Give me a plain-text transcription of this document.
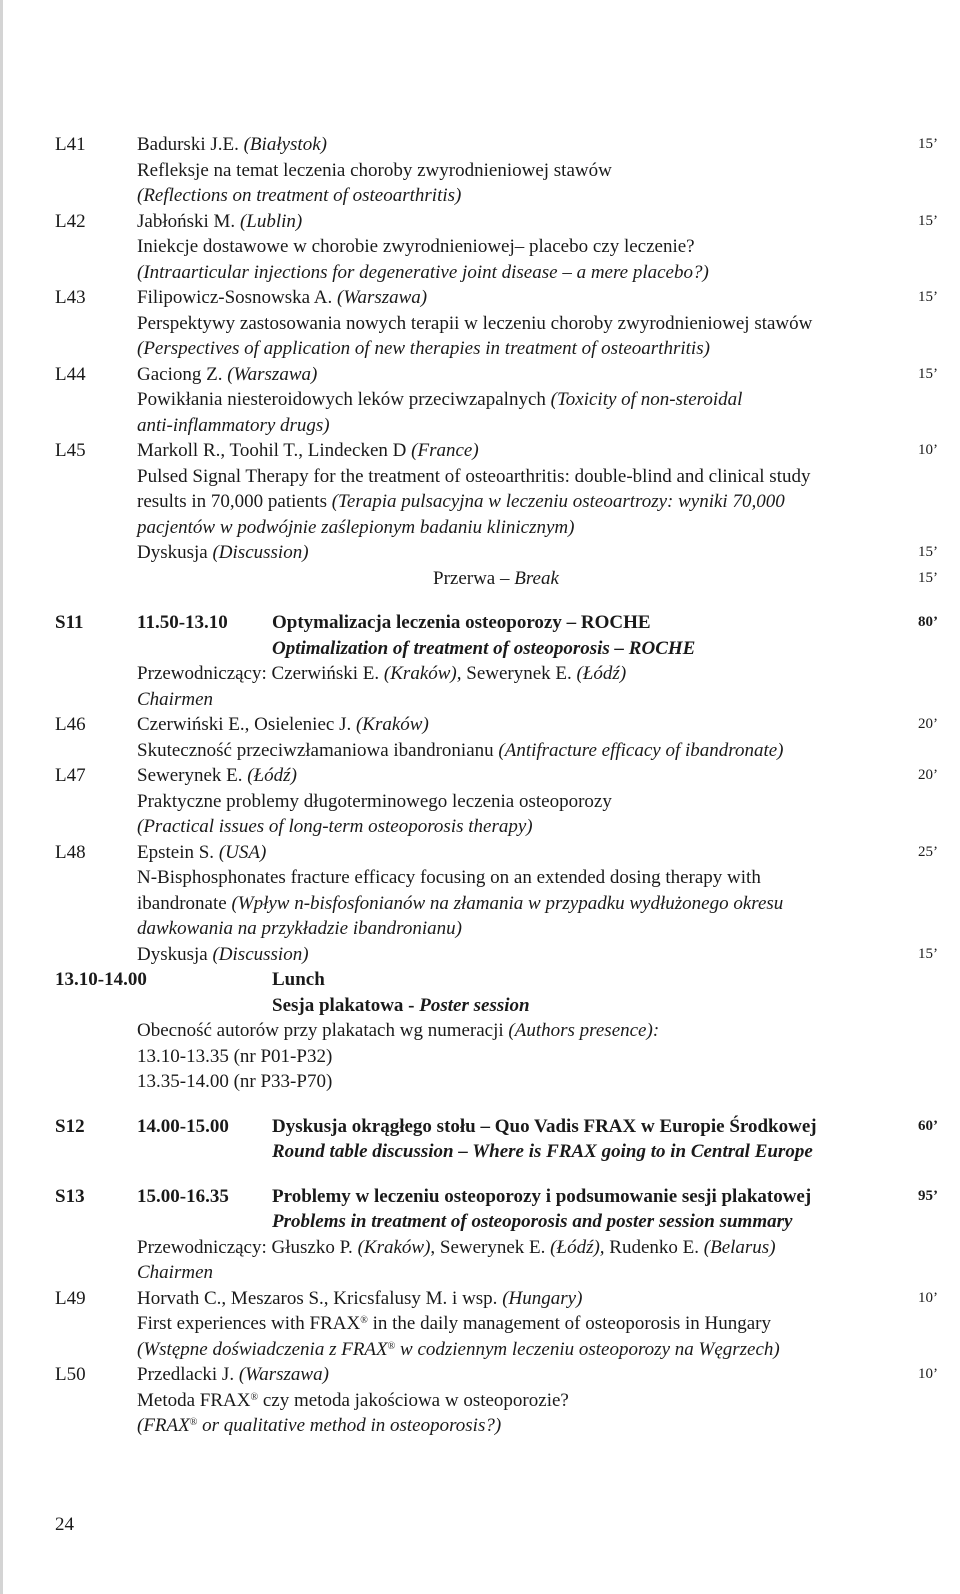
L41	Badurski J.E. (Białystok)	15’
Refleksje na temat leczenia choroby zwyrodnieniowej stawów
(Reflections on treatment of osteoarthritis)
L42	Jabłoński M. (Lublin)	15’
Iniekcje dostawowe w chorobie zwyrodnieniowej– placebo czy leczenie?
(Intraarticular injections for degenerative joint disease – a mere placebo?)
L43	Filipowicz-Sosnowska A. (Warszawa)	15’
Perspektywy zastosowania nowych terapii w leczeniu choroby zwyrodnieniowej stawów
(Perspectives of application of new therapies in treatment of osteoarthritis)
L44	Gaciong Z. (Warszawa)	15’
Powikłania niesteroidowych leków przeciwzapalnych (Toxicity of non-steroidal
anti-inflammatory drugs)
L45	Markoll R., Toohil T., Lindecken D (France)	10’
Pulsed Signal Therapy for the treatment of osteoarthritis: double-blind and clinical study
results in 70,000 patients (Terapia pulsacyjna w leczeniu osteoartrozy: wyniki 70,000
pacjentów w podwójnie zaślepionym badaniu klinicznym)
Dyskusja (Discussion)	15’
Przerwa – Break	15’
S11	11.50-13.10 Optymalizacja leczenia osteoporozy – ROCHE	80’
Optimalization of treatment of osteoporosis – ROCHE
Przewodniczący: Czerwiński E. (Kraków), Sewerynek E. (Łódź)
Chairmen
L46	Czerwiński E., Osieleniec J. (Kraków)	20’
Skuteczność przeciwzłamaniowa ibandronianu (Antifracture efficacy of ibandronate)
L47	Sewerynek E. (Łódź)	20’
Praktyczne problemy długoterminowego leczenia osteoporozy
(Practical issues of long-term osteoporosis therapy)
L48	Epstein S. (USA)	25’
N-Bisphosphonates fracture efficacy focusing on an extended dosing therapy with
ibandronate (Wpływ n-bisfosfonianów na złamania w przypadku wydłużonego okresu
dawkowania na przykładzie ibandronianu)
Dyskusja (Discussion)	15’
13.10-14.00	Lunch
Sesja plakatowa - Poster session
Obecność autorów przy plakatach wg numeracji (Authors presence):
13.10-13.35 (nr P01-P32)
13.35-14.00 (nr P33-P70)
S12	14.00-15.00 Dyskusja okrągłego stołu – Quo Vadis FRAX w Europie Środkowej	60’
Round table discussion – Where is FRAX going to in Central Europe
S13	15.00-16.35 Problemy w leczeniu osteoporozy i podsumowanie sesji plakatowej	95’
Problems in treatment of osteoporosis and poster session summary
Przewodniczący: Głuszko P. (Kraków), Sewerynek E. (Łódź), Rudenko E. (Belarus)
Chairmen
L49	Horvath C., Meszaros S., Kricsfalusy M. i wsp. (Hungary)	10’
First experiences with FRAX® in the daily management of osteoporosis in Hungary
(Wstępne doświadczenia z FRAX® w codziennym leczeniu osteoporozy na Węgrzech)
L50	Przedlacki J. (Warszawa)	10’
Metoda FRAX® czy metoda jakościowa w osteoporozie?
(FRAX® or qualitative method in osteoporosis?)
24
